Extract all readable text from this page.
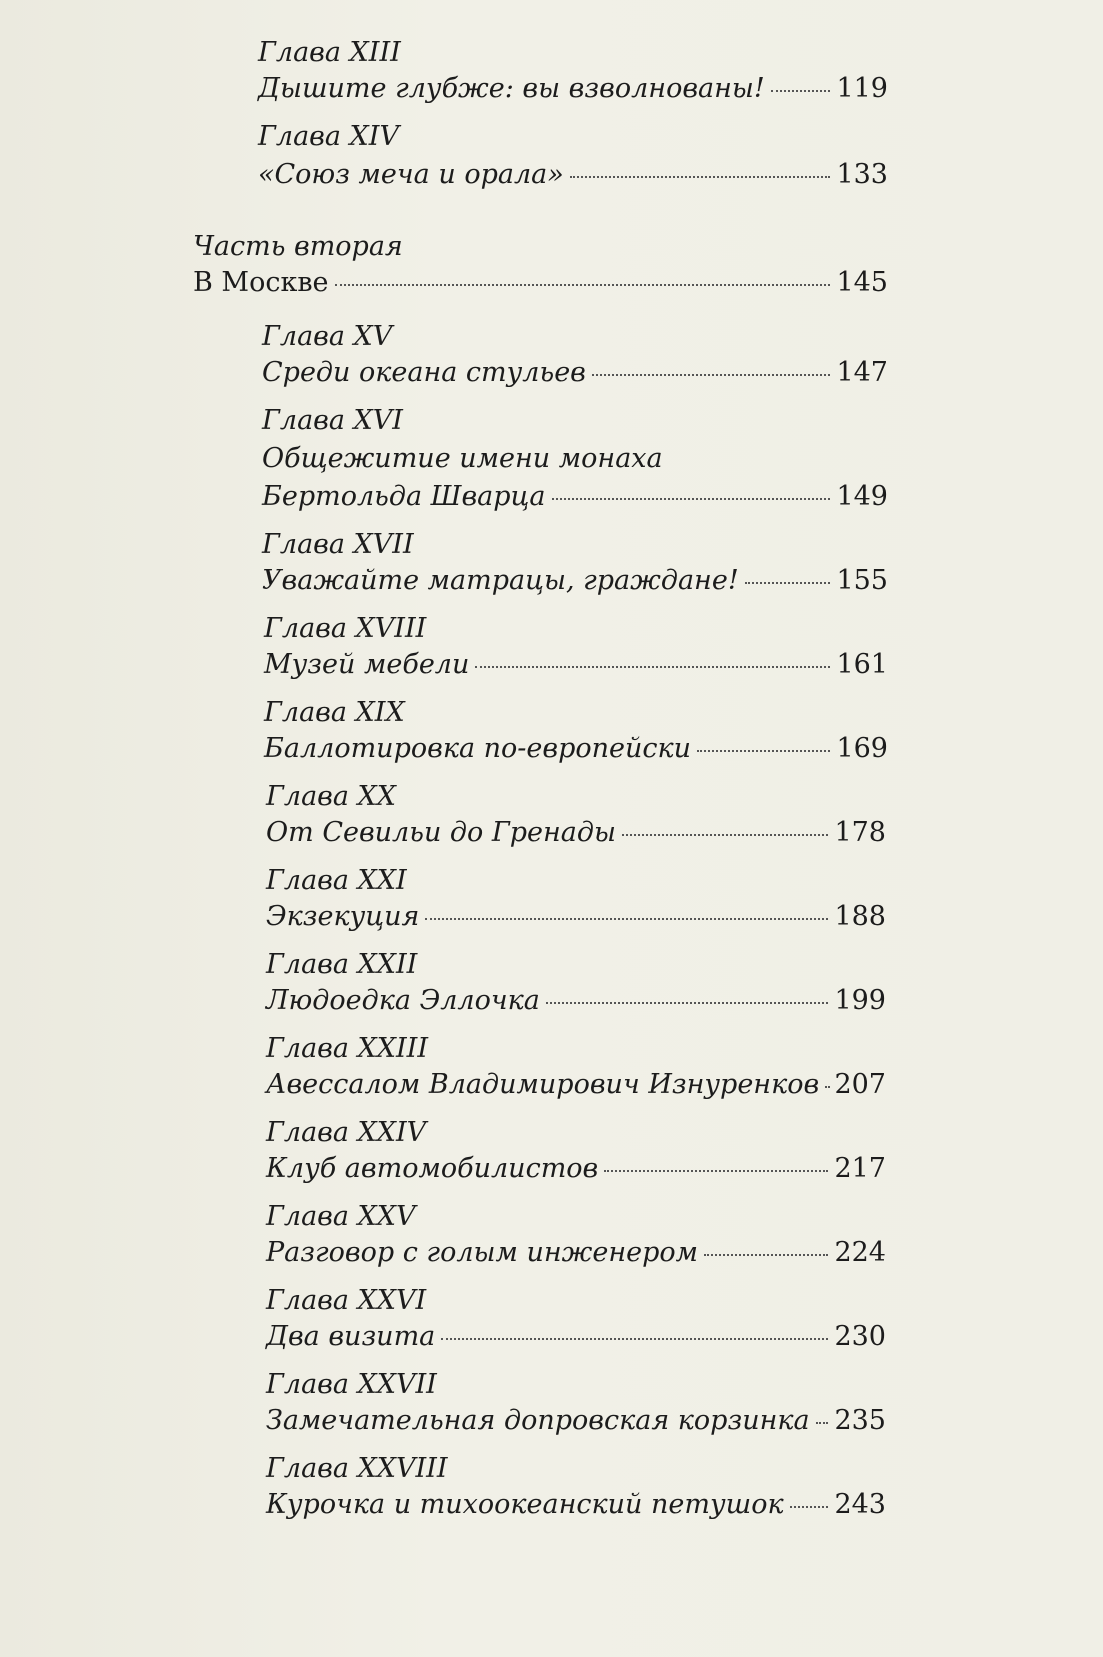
Глава XIII
Дышите глубже: вы взволнованы!	119
Глава XIV
«Союз меча и орала»	133
Часть вторая
В Москве	145
Глава XV
Среди океана стульев	147
Глава XVI
Общежитие имени монаха
Бертольда Шварца	149
Глава XVII
Уважайте матрацы, граждане!	155
Глава XVIII
Музей мебели	161
Глава XIX
Баллотировка по-европейски	169
Глава XX
От Севильи до Гренады	178
Глава XXI
Экзекуция	188
Глава XXII
Людоедка Эллочка	199
Глава XXIII
Авессалом Владимирович Изнуренков 207
Глава XXIV
Клуб автомобилистов	217
Глава XXV
Разговор с голым инженером	224
Глава XXVI
Два визита	230
Глава XXVII
Замечательная допровская корзинка 235
Глава XXVIII
Курочка и тихоокеанский петушок 243
